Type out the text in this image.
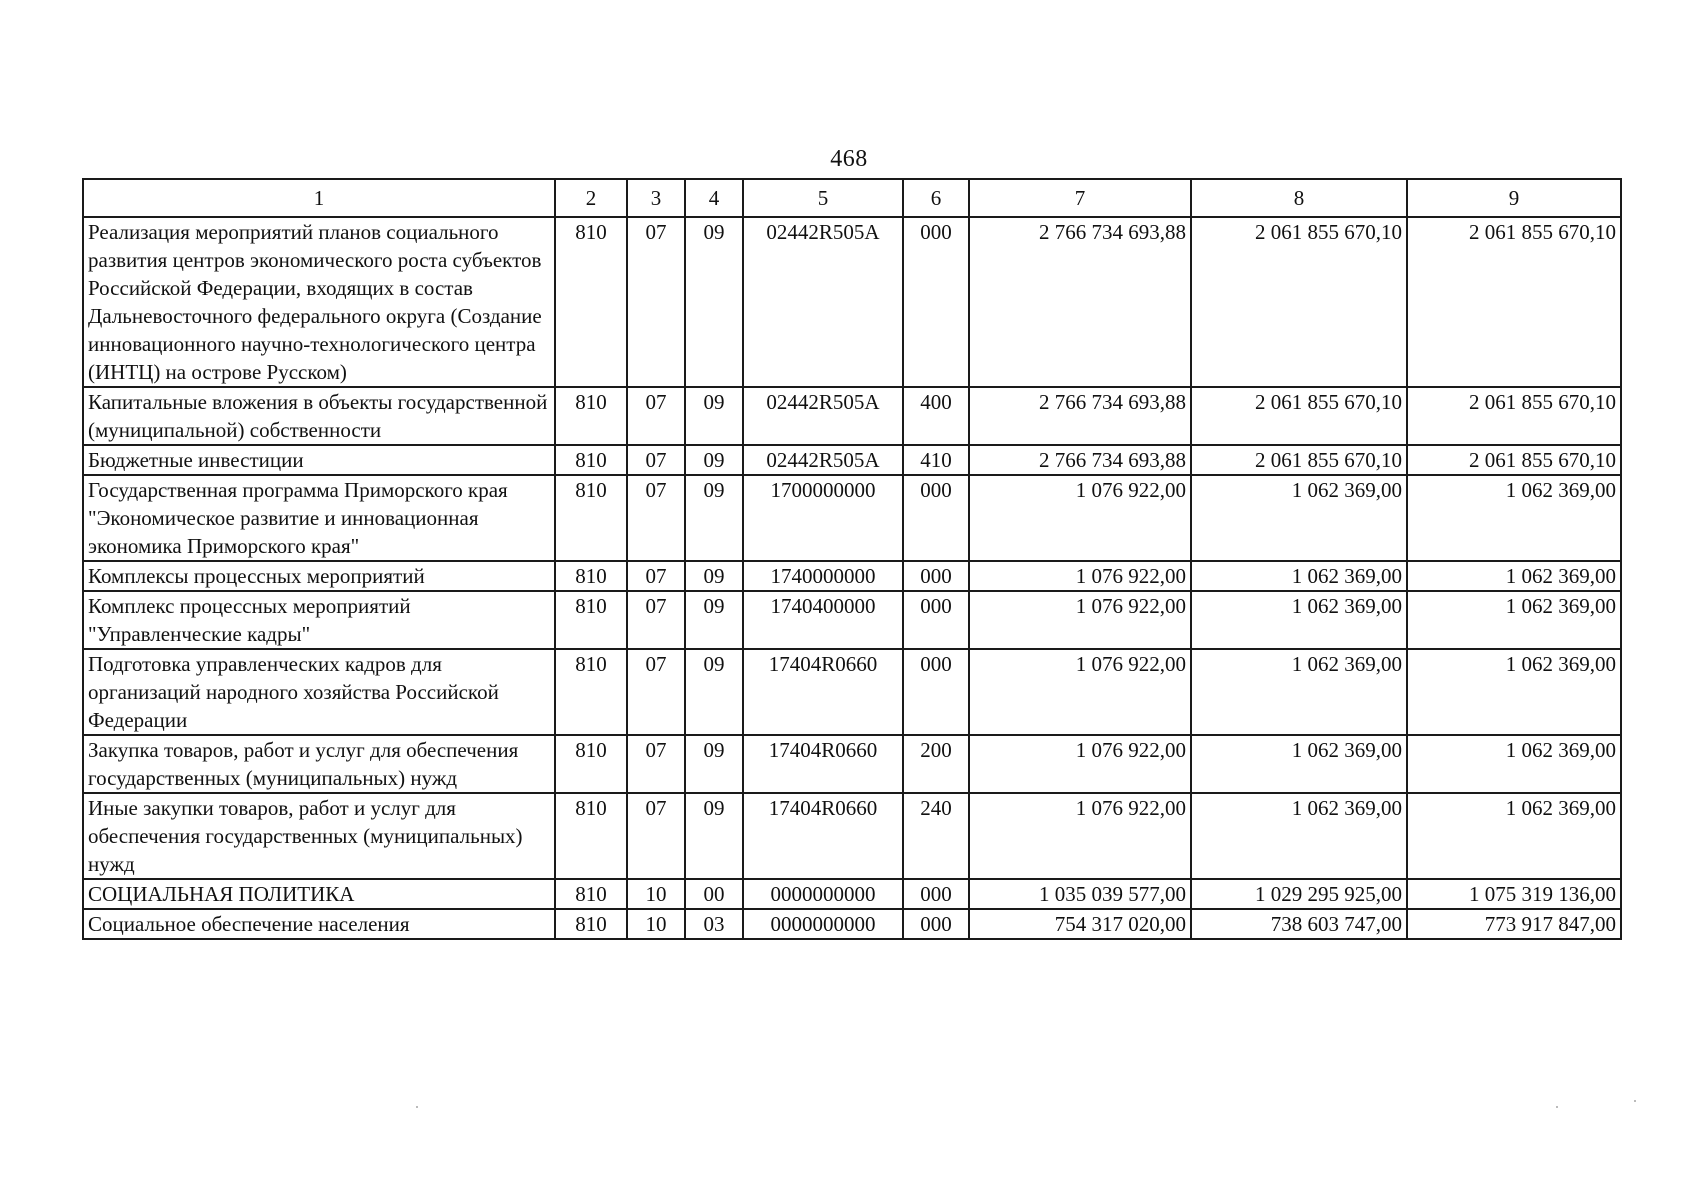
468
1	2	3	4	5	6	7	8	9
Реализация мероприятий планов социального развития центров экономического роста субъектов Российской Федерации, входящих в состав Дальневосточного федерального округа (Создание инновационного научно-технологического центра (ИНТЦ) на острове Русском)	810	07	09	02442R505A	000	2 766 734 693,88	2 061 855 670,10	2 061 855 670,10
Капитальные вложения в объекты государственной (муниципальной) собственности	810	07	09	02442R505A	400	2 766 734 693,88	2 061 855 670,10	2 061 855 670,10
Бюджетные инвестиции	810	07	09	02442R505A	410	2 766 734 693,88	2 061 855 670,10	2 061 855 670,10
Государственная программа Приморского края "Экономическое развитие и инновационная экономика Приморского края"	810	07	09	1700000000	000	1 076 922,00	1 062 369,00	1 062 369,00
Комплексы процессных мероприятий	810	07	09	1740000000	000	1 076 922,00	1 062 369,00	1 062 369,00
Комплекс процессных мероприятий "Управленческие кадры"	810	07	09	1740400000	000	1 076 922,00	1 062 369,00	1 062 369,00
Подготовка управленческих кадров для организаций народного хозяйства Российской Федерации	810	07	09	17404R0660	000	1 076 922,00	1 062 369,00	1 062 369,00
Закупка товаров, работ и услуг для обеспечения государственных (муниципальных) нужд	810	07	09	17404R0660	200	1 076 922,00	1 062 369,00	1 062 369,00
Иные закупки товаров, работ и услуг для обеспечения государственных (муниципальных) нужд	810	07	09	17404R0660	240	1 076 922,00	1 062 369,00	1 062 369,00
СОЦИАЛЬНАЯ ПОЛИТИКА	810	10	00	0000000000	000	1 035 039 577,00	1 029 295 925,00	1 075 319 136,00
Социальное обеспечение населения	810	10	03	0000000000	000	754 317 020,00	738 603 747,00	773 917 847,00
